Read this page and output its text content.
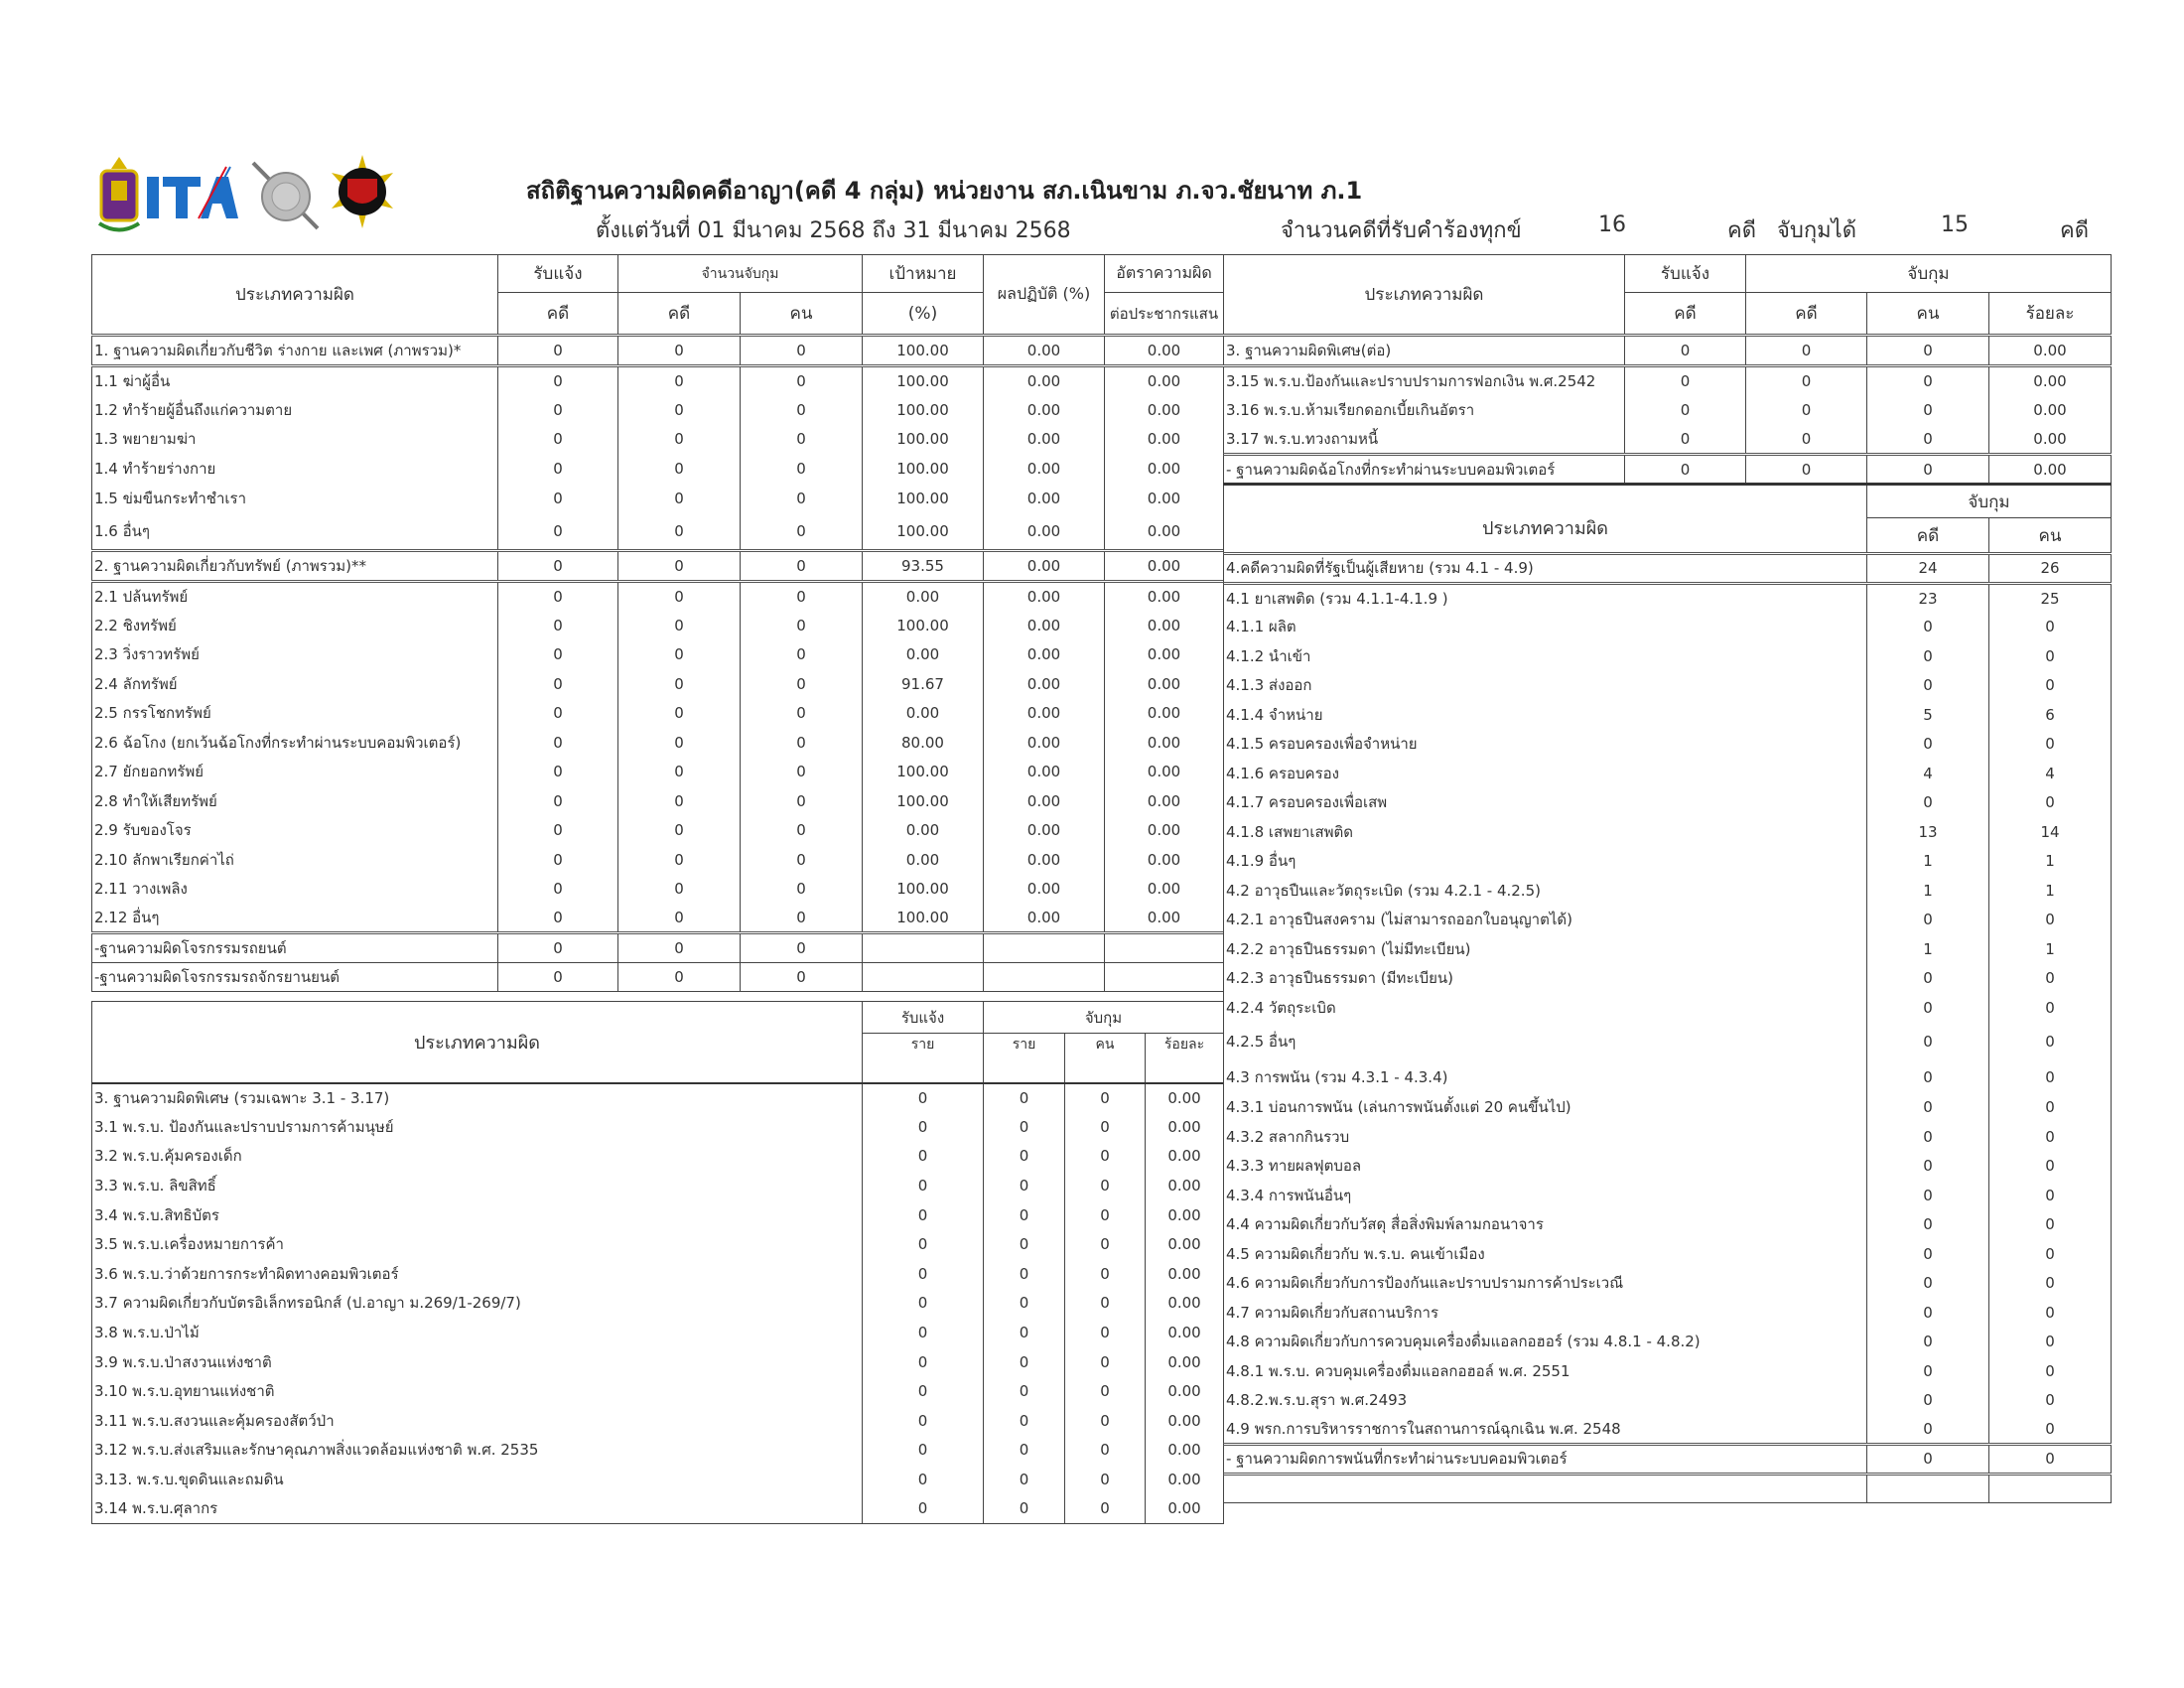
สถิติฐานความผิดคดีอาญา(คดี 4 กลุ่ม) หน่วยงาน สภ.เนินขาม ภ.จว.ชัยนาท ภ.1
ตั้งแต่วันที่ 01 มีนาคม 2568 ถึง 31 มีนาคม 2568	จำนวนคดีที่รับคำร้องทุกข์	16	คดี จับกุมได้	15	คดี
ประเภทความผิด	รับแจ้ง	จำนวนจับกุม		เป้าหมาย	ผลปฏิบัติ (%)	อัตราความผิด
	คดี	คดี	คน	(%)		ต่อประชากรแสน
1. ฐานความผิดเกี่ยวกับชีวิต ร่างกาย และเพศ (ภาพรวม)*	0	0	0	100.00	0.00	0.00
1.1 ฆ่าผู้อื่น	0	0	0	100.00	0.00	0.00
1.2 ทำร้ายผู้อื่นถึงแก่ความตาย	0	0	0	100.00	0.00	0.00
1.3 พยายามฆ่า	0	0	0	100.00	0.00	0.00
1.4 ทำร้ายร่างกาย	0	0	0	100.00	0.00	0.00
1.5 ข่มขืนกระทำชำเรา	0	0	0	100.00	0.00	0.00
1.6 อื่นๆ	0	0	0	100.00	0.00	0.00
2. ฐานความผิดเกี่ยวกับทรัพย์ (ภาพรวม)**	0	0	0	93.55	0.00	0.00
2.1 ปล้นทรัพย์	0	0	0	0.00	0.00	0.00
2.2 ชิงทรัพย์	0	0	0	100.00	0.00	0.00
2.3 วิ่งราวทรัพย์	0	0	0	0.00	0.00	0.00
2.4 ลักทรัพย์	0	0	0	91.67	0.00	0.00
2.5 กรรโชกทรัพย์	0	0	0	0.00	0.00	0.00
2.6 ฉ้อโกง (ยกเว้นฉ้อโกงที่กระทำผ่านระบบคอมพิวเตอร์)	0	0	0	80.00	0.00	0.00
2.7 ยักยอกทรัพย์	0	0	0	100.00	0.00	0.00
2.8 ทำให้เสียทรัพย์	0	0	0	100.00	0.00	0.00
2.9 รับของโจร	0	0	0	0.00	0.00	0.00
2.10 ลักพาเรียกค่าไถ่	0	0	0	0.00	0.00	0.00
2.11 วางเพลิง	0	0	0	100.00	0.00	0.00
2.12 อื่นๆ	0	0	0	100.00	0.00	0.00
-ฐานความผิดโจรกรรมรถยนต์	0	0	0			
-ฐานความผิดโจรกรรมรถจักรยานยนต์	0	0	0			
ประเภทความผิด	รับแจ้ง	จับกุม		
	ราย	ราย	คน	ร้อยละ
3. ฐานความผิดพิเศษ (รวมเฉพาะ 3.1 - 3.17)	0	0	0	0.00
3.1 พ.ร.บ. ป้องกันและปราบปรามการค้ามนุษย์	0	0	0	0.00
3.2 พ.ร.บ.คุ้มครองเด็ก	0	0	0	0.00
3.3 พ.ร.บ. ลิขสิทธิ์	0	0	0	0.00
3.4 พ.ร.บ.สิทธิบัตร	0	0	0	0.00
3.5 พ.ร.บ.เครื่องหมายการค้า	0	0	0	0.00
3.6 พ.ร.บ.ว่าด้วยการกระทำผิดทางคอมพิวเตอร์	0	0	0	0.00
3.7 ความผิดเกี่ยวกับบัตรอิเล็กทรอนิกส์ (ป.อาญา ม.269/1-269/7)	0	0	0	0.00
3.8 พ.ร.บ.ป่าไม้	0	0	0	0.00
3.9 พ.ร.บ.ป่าสงวนแห่งชาติ	0	0	0	0.00
3.10 พ.ร.บ.อุทยานแห่งชาติ	0	0	0	0.00
3.11 พ.ร.บ.สงวนและคุ้มครองสัตว์ป่า	0	0	0	0.00
3.12 พ.ร.บ.ส่งเสริมและรักษาคุณภาพสิ่งแวดล้อมแห่งชาติ พ.ศ. 2535	0	0	0	0.00
3.13. พ.ร.บ.ขุดดินและถมดิน	0	0	0	0.00
3.14 พ.ร.บ.ศุลากร	0	0	0	0.00
ประเภทความผิด	รับแจ้ง	จับกุม		
	คดี	คดี	คน	ร้อยละ
3. ฐานความผิดพิเศษ(ต่อ)	0	0	0	0.00
3.15 พ.ร.บ.ป้องกันและปราบปรามการฟอกเงิน พ.ศ.2542	0	0	0	0.00
3.16 พ.ร.บ.ห้ามเรียกดอกเบี้ยเกินอัตรา	0	0	0	0.00
3.17 พ.ร.บ.ทวงถามหนี้	0	0	0	0.00
- ฐานความผิดฉ้อโกงที่กระทำผ่านระบบคอมพิวเตอร์	0	0	0	0.00
ประเภทความผิด	จับกุม	
	คดี	คน
4.คดีความผิดที่รัฐเป็นผู้เสียหาย (รวม 4.1 - 4.9)	24	26
4.1 ยาเสพติด (รวม 4.1.1-4.1.9 )	23	25
4.1.1 ผลิต	0	0
4.1.2 นำเข้า	0	0
4.1.3 ส่งออก	0	0
4.1.4 จำหน่าย	5	6
4.1.5 ครอบครองเพื่อจำหน่าย	0	0
4.1.6 ครอบครอง	4	4
4.1.7 ครอบครองเพื่อเสพ	0	0
4.1.8 เสพยาเสพติด	13	14
4.1.9 อื่นๆ	1	1
4.2 อาวุธปืนและวัตถุระเบิด (รวม 4.2.1 - 4.2.5)	1	1
4.2.1 อาวุธปืนสงคราม (ไม่สามารถออกใบอนุญาตได้)	0	0
4.2.2 อาวุธปืนธรรมดา (ไม่มีทะเบียน)	1	1
4.2.3 อาวุธปืนธรรมดา (มีทะเบียน)	0	0
4.2.4 วัตถุระเบิด	0	0
4.2.5 อื่นๆ	0	0
4.3 การพนัน (รวม 4.3.1 - 4.3.4)	0	0
4.3.1 บ่อนการพนัน (เล่นการพนันตั้งแต่ 20 คนขึ้นไป)	0	0
4.3.2 สลากกินรวบ	0	0
4.3.3 ทายผลฟุตบอล	0	0
4.3.4 การพนันอื่นๆ	0	0
4.4 ความผิดเกี่ยวกับวัสดุ สื่อสิ่งพิมพ์ลามกอนาจาร	0	0
4.5 ความผิดเกี่ยวกับ พ.ร.บ. คนเข้าเมือง	0	0
4.6 ความผิดเกี่ยวกับการป้องกันและปราบปรามการค้าประเวณี	0	0
4.7 ความผิดเกี่ยวกับสถานบริการ	0	0
4.8 ความผิดเกี่ยวกับการควบคุมเครื่องดื่มแอลกอฮอร์ (รวม 4.8.1 - 4.8.2)	0	0
4.8.1 พ.ร.บ. ควบคุมเครื่องดื่มแอลกอฮอล์ พ.ศ. 2551	0	0
4.8.2.พ.ร.บ.สุรา พ.ศ.2493	0	0
4.9 พรก.การบริหารราชการในสถานการณ์ฉุกเฉิน พ.ศ. 2548	0	0
- ฐานความผิดการพนันที่กระทำผ่านระบบคอมพิวเตอร์	0	0
